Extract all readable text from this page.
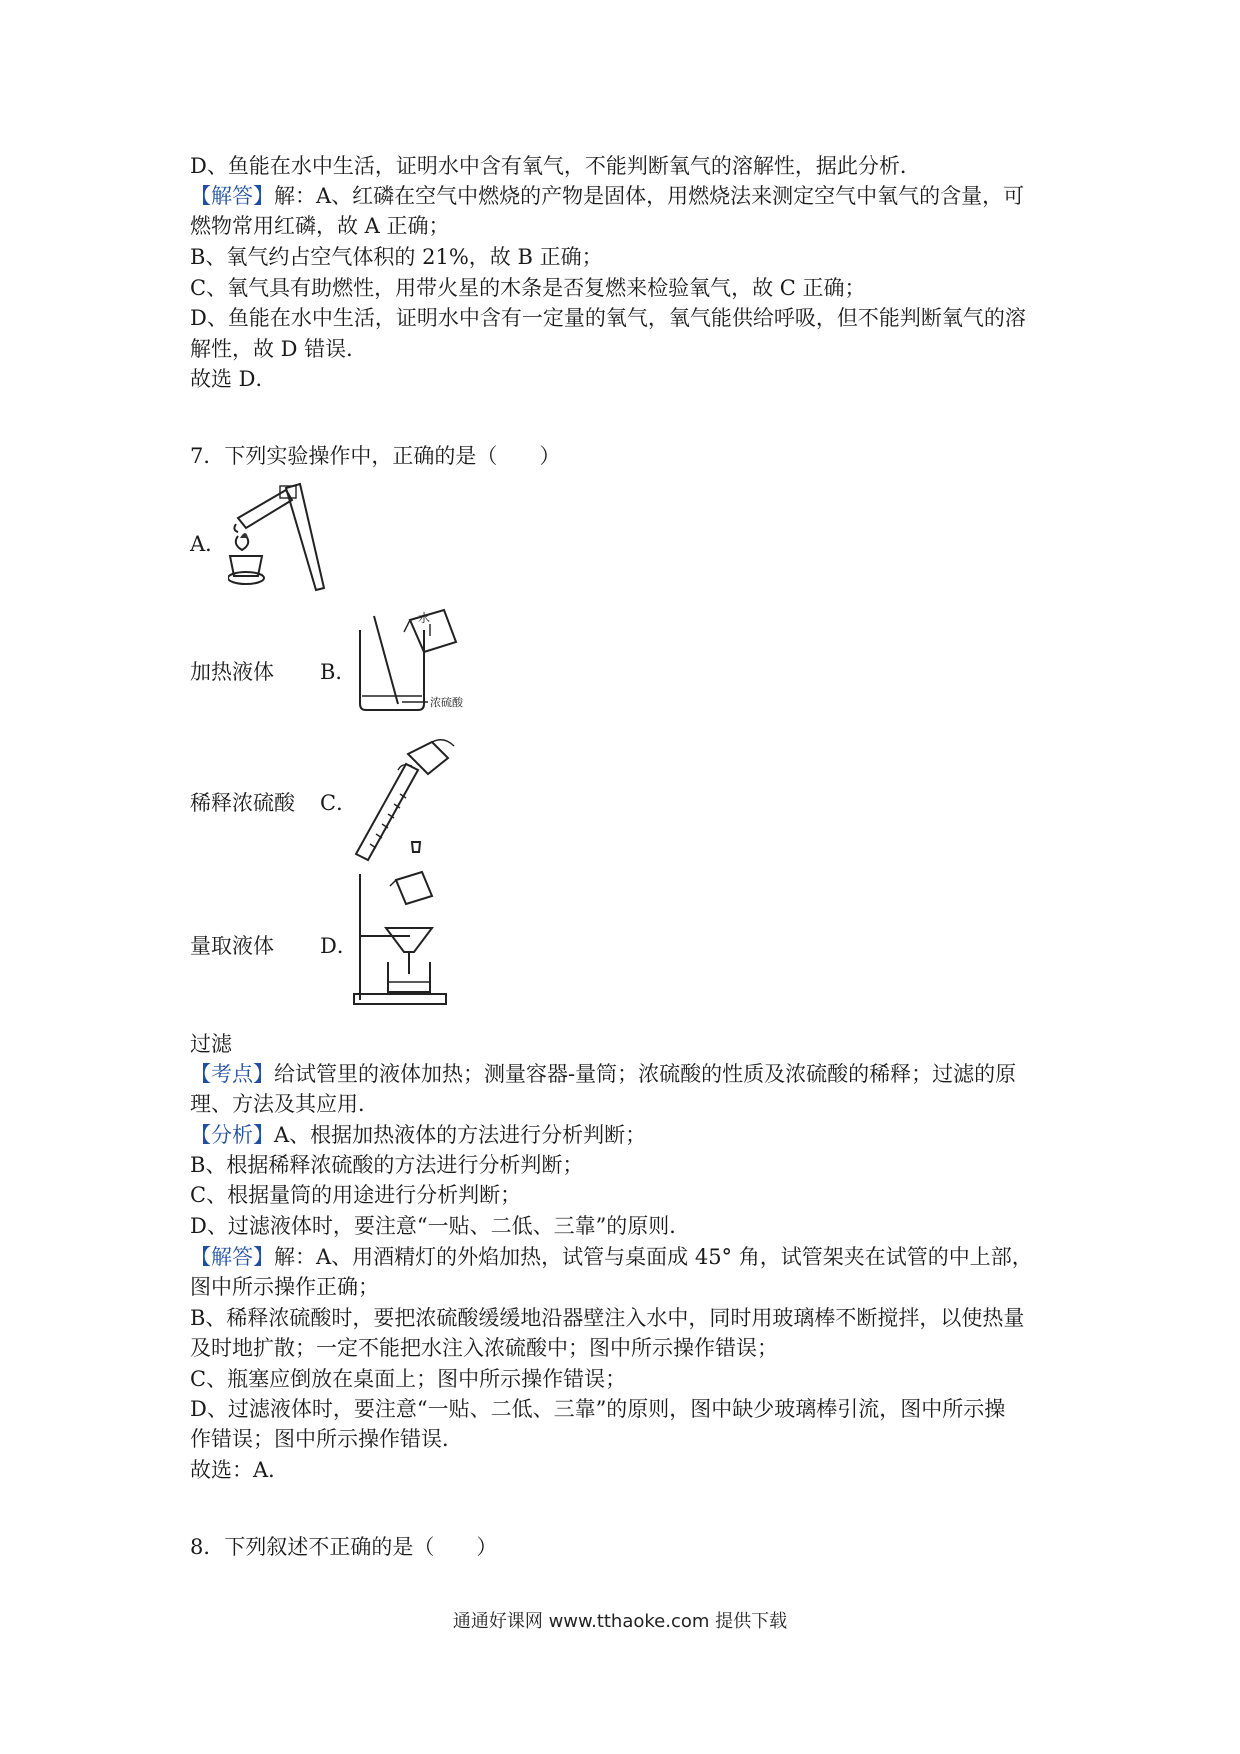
D、鱼能在水中生活，证明水中含有氧气，不能判断氧气的溶解性，据此分析．
【解答】解：A、红磷在空气中燃烧的产物是固体，用燃烧法来测定空气中氧气的含量，可
燃物常用红磷，故 A 正确；
B、氧气约占空气体积的 21%，故 B 正确；
C、氧气具有助燃性，用带火星的木条是否复燃来检验氧气，故 C 正确；
D、鱼能在水中生活，证明水中含有一定量的氧气，氧气能供给呼吸，但不能判断氧气的溶
解性，故 D 错误．
故选 D．
7．下列实验操作中，正确的是（　　）
A．
加热液体 B．
水
浓硫酸
稀释浓硫酸 C．
量取液体 D．
过滤
【考点】给试管里的液体加热；测量容器-量筒；浓硫酸的性质及浓硫酸的稀释；过滤的原
理、方法及其应用．
【分析】A、根据加热液体的方法进行分析判断；
B、根据稀释浓硫酸的方法进行分析判断；
C、根据量筒的用途进行分析判断；
D、过滤液体时，要注意“一贴、二低、三靠”的原则．
【解答】解：A、用酒精灯的外焰加热，试管与桌面成 45° 角，试管架夹在试管的中上部，
图中所示操作正确；
B、稀释浓硫酸时，要把浓硫酸缓缓地沿器壁注入水中，同时用玻璃棒不断搅拌，以使热量
及时地扩散；一定不能把水注入浓硫酸中；图中所示操作错误；
C、瓶塞应倒放在桌面上；图中所示操作错误；
D、过滤液体时，要注意“一贴、二低、三靠”的原则，图中缺少玻璃棒引流，图中所示操
作错误；图中所示操作错误．
故选：A．
8．下列叙述不正确的是（　　）
通通好课网 www.tthaoke.com 提供下载
